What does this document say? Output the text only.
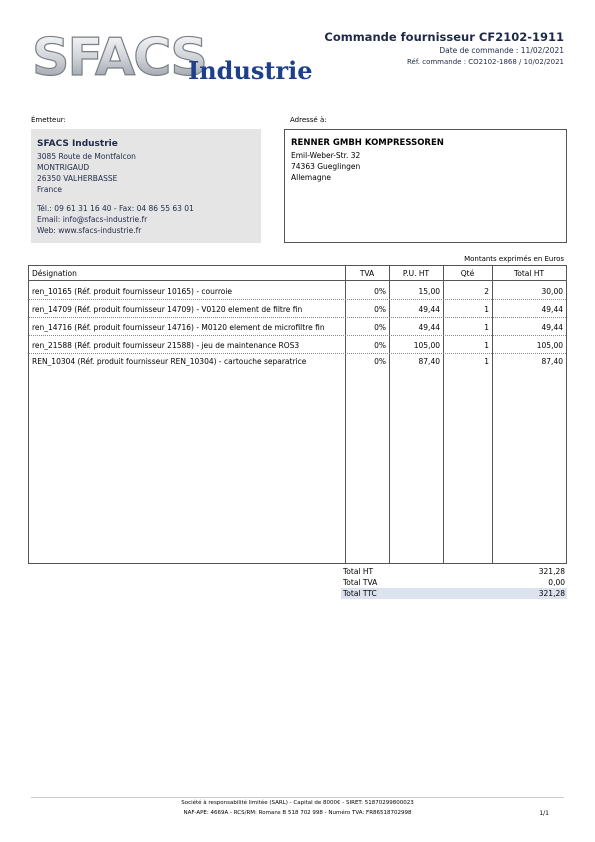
SFACS
Industrie
Commande fournisseur CF2102-1911
Date de commande : 11/02/2021
Réf. commande : CO2102-1868 / 10/02/2021
Émetteur:
SFACS Industrie
3085 Route de Montfalcon
MONTRIGAUD
26350 VALHERBASSE
France
Tél.: 09 61 31 16 40 - Fax: 04 86 55 63 01
Email: info@sfacs-industrie.fr
Web: www.sfacs-industrie.fr
Adressé à:
RENNER GMBH KOMPRESSOREN
Emil-Weber-Str. 32
74363 Gueglingen
Allemagne
Montants exprimés en Euros
Désignation	TVA	P.U. HT	Qté	Total HT
ren_10165 (Réf. produit fournisseur 10165) - courroie	0%	15,00	2	30,00
ren_14709 (Réf. produit fournisseur 14709) - V0120 element de filtre fin	0%	49,44	1	49,44
ren_14716 (Réf. produit fournisseur 14716) - M0120 element de microfiltre fin	0%	49,44	1	49,44
ren_21588 (Réf. produit fournisseur 21588) - jeu de maintenance ROS3	0%	105,00	1	105,00
REN_10304 (Réf. produit fournisseur REN_10304) - cartouche separatrice	0%	87,40	1	87,40
Total HT	321,28
Total TVA	0,00
Total TTC	321,28
Société à responsabilité limitée (SARL) - Capital de 8000€ - SIRET: 51870299800023
NAF-APE: 4669A - RCS/RM: Romans B 518 702 998 - Numéro TVA: FR86518702998	1/1
